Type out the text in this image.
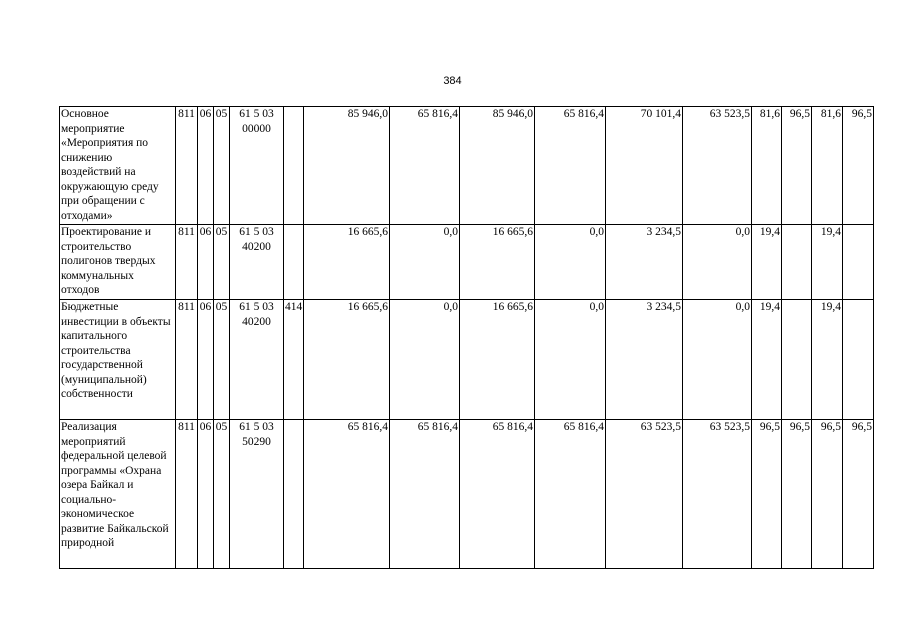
384
Основное мероприятие «Мероприятия по снижению воздействий на окружающую среду при обращении с отходами»	811	06	05	61 5 03 00000		85 946,0	65 816,4	85 946,0	65 816,4	70 101,4	63 523,5	81,6	96,5	81,6	96,5
Проектирование и строительство полигонов твердых коммунальных отходов	811	06	05	61 5 03 40200		16 665,6	0,0	16 665,6	0,0	3 234,5	0,0	19,4		19,4	
Бюджетные инвестиции в объекты капитального строительства государственной (муниципальной) собственности	811	06	05	61 5 03 40200	414	16 665,6	0,0	16 665,6	0,0	3 234,5	0,0	19,4		19,4	
Реализация мероприятий федеральной целевой программы «Охрана озера Байкал и социально-экономическое развитие Байкальской природной	811	06	05	61 5 03 50290		65 816,4	65 816,4	65 816,4	65 816,4	63 523,5	63 523,5	96,5	96,5	96,5	96,5
